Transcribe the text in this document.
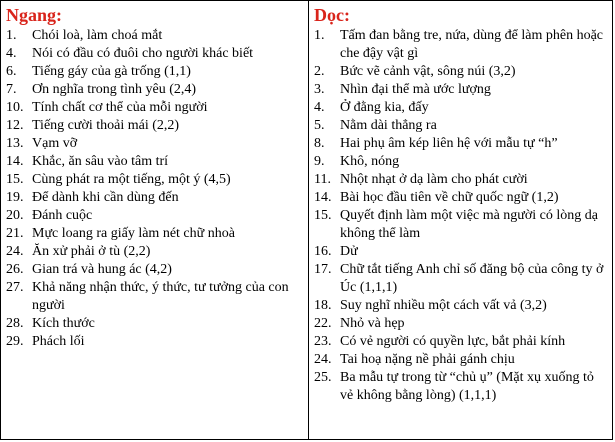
Ngang:
1.	Chói loà, làm choá mắt
4.	Nói có đầu có đuôi cho người khác biết
6.	Tiếng gáy của gà trống (1,1)
7.	Ơn nghĩa trong tình yêu (2,4)
10. Tính chất cơ thể của mỗi người
12. Tiếng cười thoải mái (2,2)
13. Vạm vỡ
14. Khắc, ăn sâu vào tâm trí
15. Cùng phát ra một tiếng, một ý (4,5)
19. Để dành khi cần dùng đến
20. Đánh cuộc
21. Mực loang ra giấy làm nét chữ nhoà
24. Ăn xử phải ở tù (2,2)
26. Gian trá và hung ác (4,2)
27. Khả năng nhận thức, ý thức, tư tưởng của con người
28. Kích thước
29. Phách lối
Dọc:
1.	Tấm đan bằng tre, nứa, dùng để làm phên hoặc che đậy vật gì
2.	Bức vẽ cảnh vật, sông núi (3,2)
3.	Nhìn đại thể mà ước lượng
4.	Ở đằng kia, đấy
5.	Nằm dài thẳng ra
8.	Hai phụ âm kép liên hệ với mẫu tự “h”
9.	Khô, nóng
11. Nhột nhạt ở dạ làm cho phát cười
14. Bài học đầu tiên về chữ quốc ngữ (1,2)
15. Quyết định làm một việc mà người có lòng dạ không thể làm
16. Dử
17. Chữ tắt tiếng Anh chỉ số đăng bộ của công ty ở Úc (1,1,1)
18. Suy nghĩ nhiều một cách vất vả (3,2)
22. Nhỏ và hẹp
23. Có vẻ người có quyền lực, bắt phải kính
24. Tai hoạ nặng nề phải gánh chịu
25. Ba mẫu tự trong từ “chủ ụ” (Mặt xụ xuống tỏ vẻ không bằng lòng) (1,1,1)
